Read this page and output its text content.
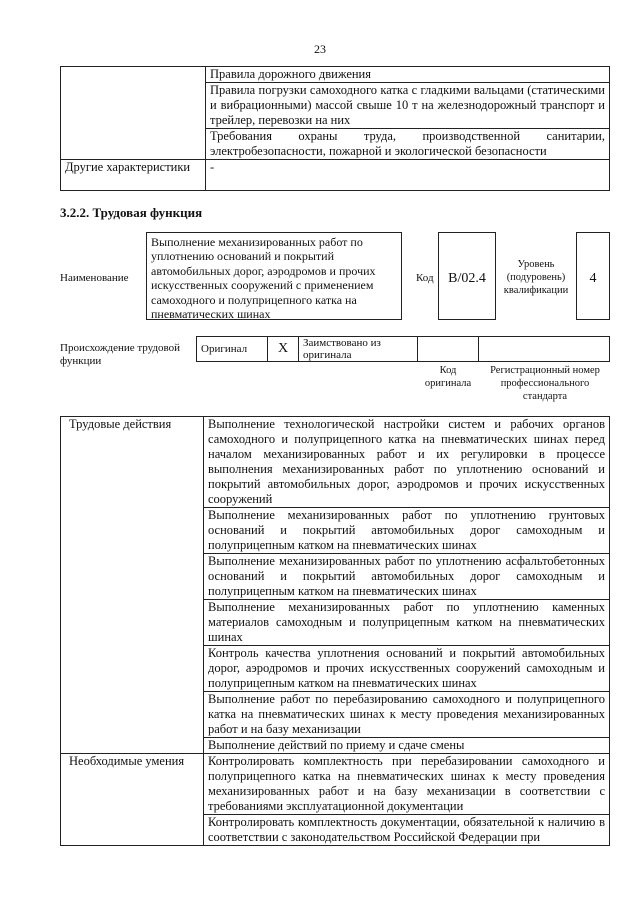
23
	Правила дорожного движения
	Правила погрузки самоходного катка с гладкими вальцами (статическими и вибрационными) массой свыше 10 т на железнодорожный транспорт и трейлер, перевозки на них
	Требования охраны труда, производственной санитарии, электробезопасности, пожарной и экологической безопасности
Другие характеристики	-
3.2.2. Трудовая функция
Наименование
Выполнение механизированных работ по уплотнению оснований и покрытий автомобильных дорог, аэродромов и прочих искусственных сооружений с применением самоходного и полуприцепного катка на пневматических шинах
Код	B/02.4
Уровень (подуровень) квалификации
4
Происхождение трудовой функции
Оригинал	X	Заимствовано из оригинала		
Код оригинала
Регистрационный номер профессионального стандарта
Трудовые действия	Выполнение технологической настройки систем и рабочих органов самоходного и полуприцепного катка на пневматических шинах перед началом механизированных работ и их регулировки в процессе выполнения механизированных работ по уплотнению оснований и покрытий автомобильных дорог, аэродромов и прочих искусственных сооружений
	Выполнение механизированных работ по уплотнению грунтовых оснований и покрытий автомобильных дорог самоходным и полуприцепным катком на пневматических шинах
	Выполнение механизированных работ по уплотнению асфальтобетонных оснований и покрытий автомобильных дорог самоходным и полуприцепным катком на пневматических шинах
	Выполнение механизированных работ по уплотнению каменных материалов самоходным и полуприцепным катком на пневматических шинах
	Контроль качества уплотнения оснований и покрытий автомобильных дорог, аэродромов и прочих искусственных сооружений самоходным и полуприцепным катком на пневматических шинах
	Выполнение работ по перебазированию самоходного и полуприцепного катка на пневматических шинах к месту проведения механизированных работ и на базу механизации
	Выполнение действий по приему и сдаче смены
Необходимые умения	Контролировать комплектность при перебазировании самоходного и полуприцепного катка на пневматических шинах к месту проведения механизированных работ и на базу механизации в соответствии с требованиями эксплуатационной документации
	Контролировать комплектность документации, обязательной к наличию в соответствии с законодательством Российской Федерации при
